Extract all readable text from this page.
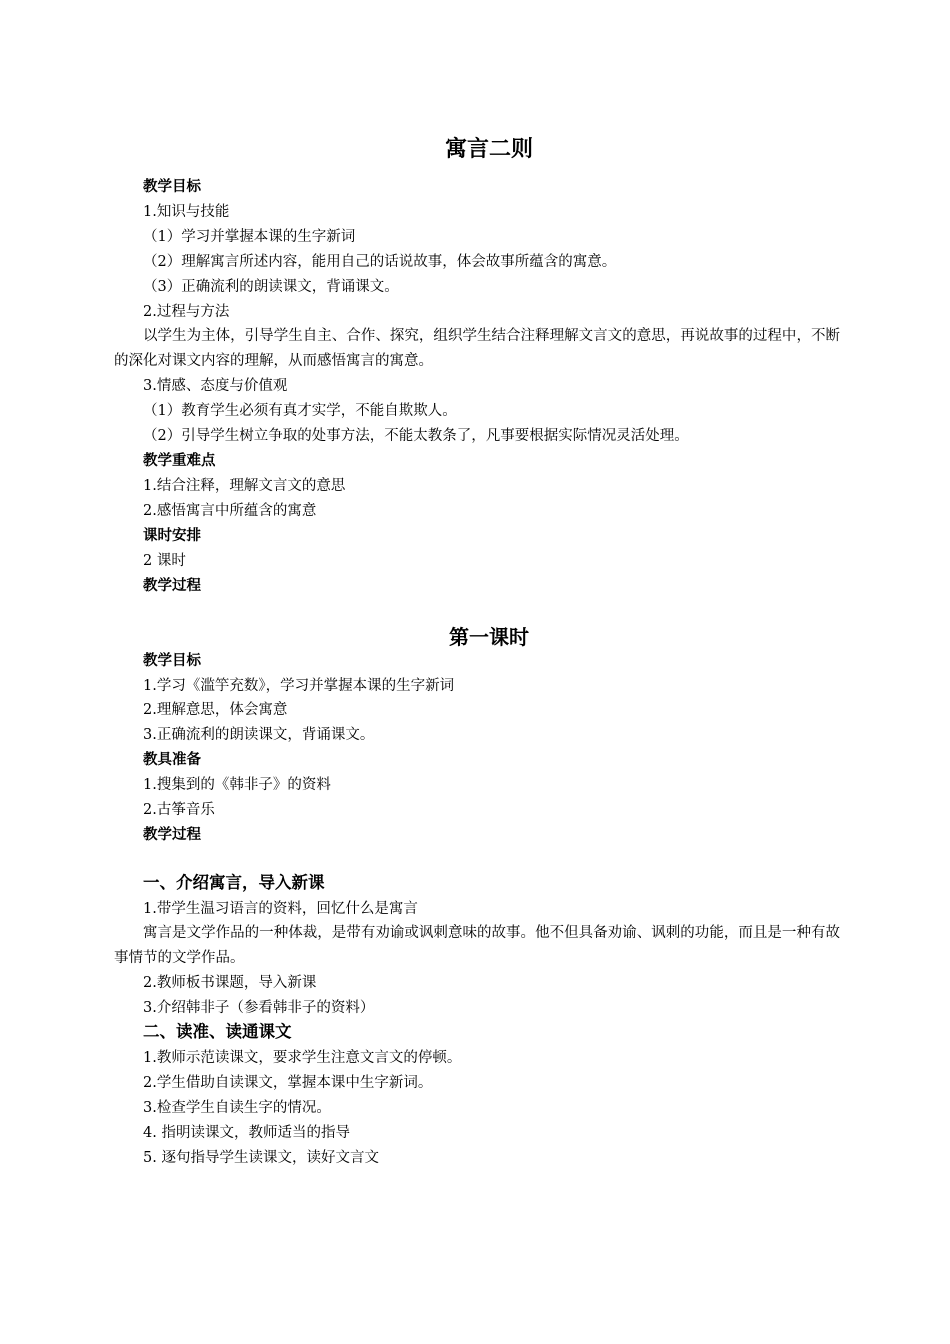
寓言二则
教学目标
1.知识与技能
（1）学习并掌握本课的生字新词
（2）理解寓言所述内容，能用自己的话说故事，体会故事所蕴含的寓意。
（3）正确流利的朗读课文，背诵课文。
2.过程与方法
以学生为主体，引导学生自主、合作、探究，组织学生结合注释理解文言文的意思，再说故事的过程中，不断的深化对课文内容的理解，从而感悟寓言的寓意。
3.情感、态度与价值观
（1）教育学生必须有真才实学，不能自欺欺人。
（2）引导学生树立争取的处事方法，不能太教条了，凡事要根据实际情况灵活处理。
教学重难点
1.结合注释，理解文言文的意思
2.感悟寓言中所蕴含的寓意
课时安排
2 课时
教学过程
第一课时
教学目标
1.学习《滥竽充数》，学习并掌握本课的生字新词
2.理解意思，体会寓意
3.正确流利的朗读课文，背诵课文。
教具准备
1.搜集到的《韩非子》的资料
2.古筝音乐
教学过程
一、介绍寓言，导入新课
1.带学生温习语言的资料，回忆什么是寓言
寓言是文学作品的一种体裁，是带有劝谕或讽刺意味的故事。他不但具备劝谕、讽刺的功能，而且是一种有故事情节的文学作品。
2.教师板书课题，导入新课
3.介绍韩非子（参看韩非子的资料）
二、读准、读通课文
1.教师示范读课文，要求学生注意文言文的停顿。
2.学生借助自读课文，掌握本课中生字新词。
3.检查学生自读生字的情况。
4. 指明读课文，教师适当的指导
5. 逐句指导学生读课文，读好文言文
